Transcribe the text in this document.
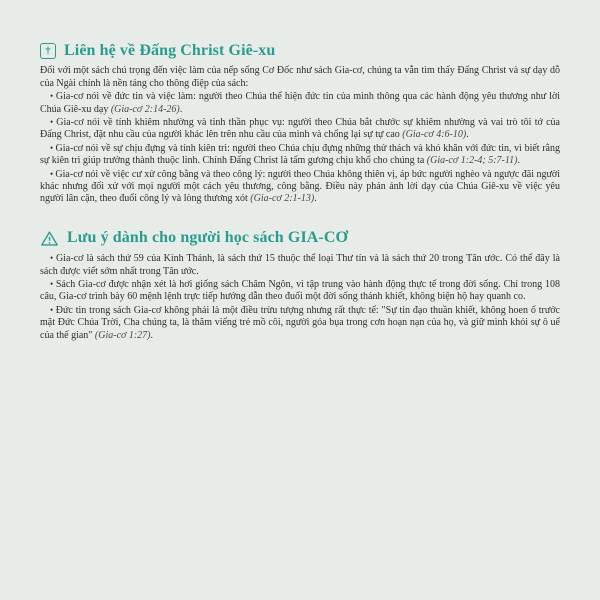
† Liên hệ về Đấng Christ Giê-xu

Đối với một sách chú trọng đến việc làm của nếp sống Cơ Đốc như sách Gia-cơ, chúng ta vẫn tìm thấy Đấng Christ và sự dạy dỗ của Ngài chính là nền tảng cho thông điệp của sách:

• Gia-cơ nói về đức tin và việc làm: người theo Chúa thể hiện đức tin của mình thông qua các hành động yêu thương như lời Chúa Giê-xu dạy (Gia-cơ 2:14-26).

• Gia-cơ nói về tính khiêm nhường và tinh thần phục vụ: người theo Chúa bắt chước sự khiêm nhường và vai trò tôi tớ của Đấng Christ, đặt nhu cầu của người khác lên trên nhu cầu của mình và chống lại sự tự cao (Gia-cơ 4:6-10).

• Gia-cơ nói về sự chịu đựng và tính kiên trì: người theo Chúa chịu đựng những thử thách và khó khăn với đức tin, vì biết rằng sự kiên trì giúp trưởng thành thuộc linh. Chính Đấng Christ là tấm gương chịu khổ cho chúng ta (Gia-cơ 1:2-4; 5:7-11).

• Gia-cơ nói về việc cư xử công bằng và theo công lý: người theo Chúa không thiên vị, áp bức người nghèo và ngược đãi người khác nhưng đối xử với mọi người một cách yêu thương, công bằng. Điều này phản ánh lời dạy của Chúa Giê-xu về việc yêu người lân cận, theo đuổi công lý và lòng thương xót (Gia-cơ 2:1-13).

Lưu ý dành cho người học sách GIA-CƠ

• Gia-cơ là sách thứ 59 của Kinh Thánh, là sách thứ 15 thuộc thể loại Thư tín và là sách thứ 20 trong Tân ước. Có thể đây là sách được viết sớm nhất trong Tân ước.

• Sách Gia-cơ được nhận xét là hơi giống sách Châm Ngôn, vì tập trung vào hành động thực tế trong đời sống. Chỉ trong 108 câu, Gia-cơ trình bày 60 mệnh lệnh trực tiếp hướng dẫn theo đuổi một đời sống thánh khiết, không biện hộ hay quanh co.

• Đức tin trong sách Gia-cơ không phải là một điều trừu tượng nhưng rất thực tế: "Sự tin đạo thuần khiết, không hoen ố trước mặt Đức Chúa Trời, Cha chúng ta, là thăm viếng trẻ mồ côi, người góa bụa trong cơn hoạn nạn của họ, và giữ mình khỏi sự ô uế của thế gian" (Gia-cơ 1:27).
